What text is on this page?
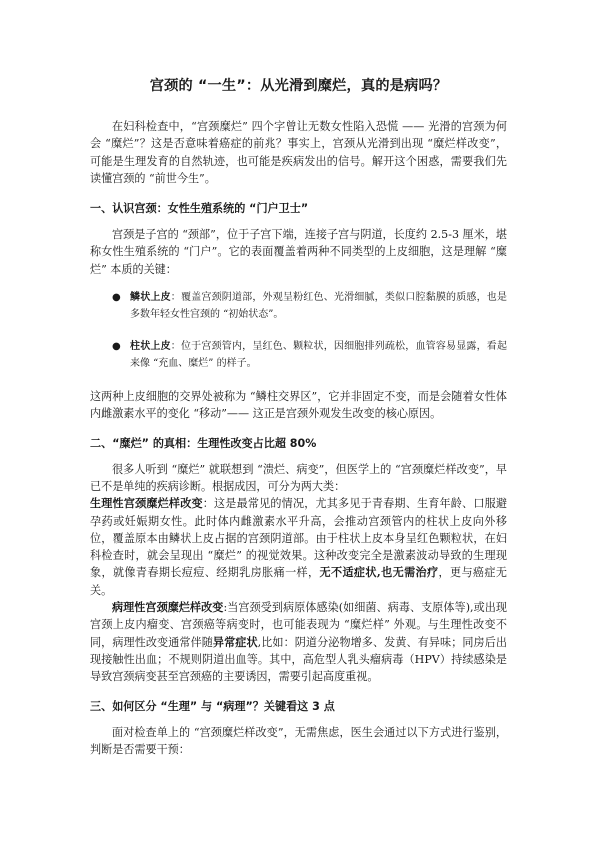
宫颈的 “一生”：从光滑到糜烂，真的是病吗？

在妇科检查中，“宫颈糜烂” 四个字曾让无数女性陷入恐慌 —— 光滑的宫颈为何会 “糜烂”？这是否意味着癌症的前兆？事实上，宫颈从光滑到出现 “糜烂样改变”，可能是生理发育的自然轨迹，也可能是疾病发出的信号。解开这个困惑，需要我们先读懂宫颈的 “前世今生”。

一、认识宫颈：女性生殖系统的 “门户卫士”

宫颈是子宫的 “颈部”，位于子宫下端，连接子宫与阴道，长度约 2.5-3 厘米，堪称女性生殖系统的 “门户”。它的表面覆盖着两种不同类型的上皮细胞，这是理解 “糜烂” 本质的关键：

● 鳞状上皮：覆盖宫颈阴道部，外观呈粉红色、光滑细腻，类似口腔黏膜的质感，也是多数年轻女性宫颈的 “初始状态”。
● 柱状上皮：位于宫颈管内，呈红色、颗粒状，因细胞排列疏松，血管容易显露，看起来像 “充血、糜烂” 的样子。

这两种上皮细胞的交界处被称为 “鳞柱交界区”，它并非固定不变，而是会随着女性体内雌激素水平的变化 “移动”—— 这正是宫颈外观发生改变的核心原因。

二、“糜烂” 的真相：生理性改变占比超 80%

很多人听到 “糜烂” 就联想到 “溃烂、病变”，但医学上的 “宫颈糜烂样改变”，早已不是单纯的疾病诊断。根据成因，可分为两大类：

生理性宫颈糜烂样改变：这是最常见的情况，尤其多见于青春期、生育年龄、口服避孕药或妊娠期女性。此时体内雌激素水平升高，会推动宫颈管内的柱状上皮向外移位，覆盖原本由鳞状上皮占据的宫颈阴道部。由于柱状上皮本身呈红色颗粒状，在妇科检查时，就会呈现出 “糜烂” 的视觉效果。这种改变完全是激素波动导致的生理现象，就像青春期长痘痘、经期乳房胀痛一样，无不适症状,也无需治疗，更与癌症无关。

病理性宫颈糜烂样改变:当宫颈受到病原体感染(如细菌、病毒、支原体等),或出现宫颈上皮内瘤变、宫颈癌等病变时，也可能表现为 “糜烂样” 外观。与生理性改变不同，病理性改变通常伴随异常症状,比如：阴道分泌物增多、发黄、有异味；同房后出现接触性出血；不规则阴道出血等。其中，高危型人乳头瘤病毒（HPV）持续感染是导致宫颈病变甚至宫颈癌的主要诱因，需要引起高度重视。

三、如何区分 “生理” 与 “病理”？关键看这 3 点

面对检查单上的 “宫颈糜烂样改变”，无需焦虑，医生会通过以下方式进行鉴别，判断是否需要干预：
